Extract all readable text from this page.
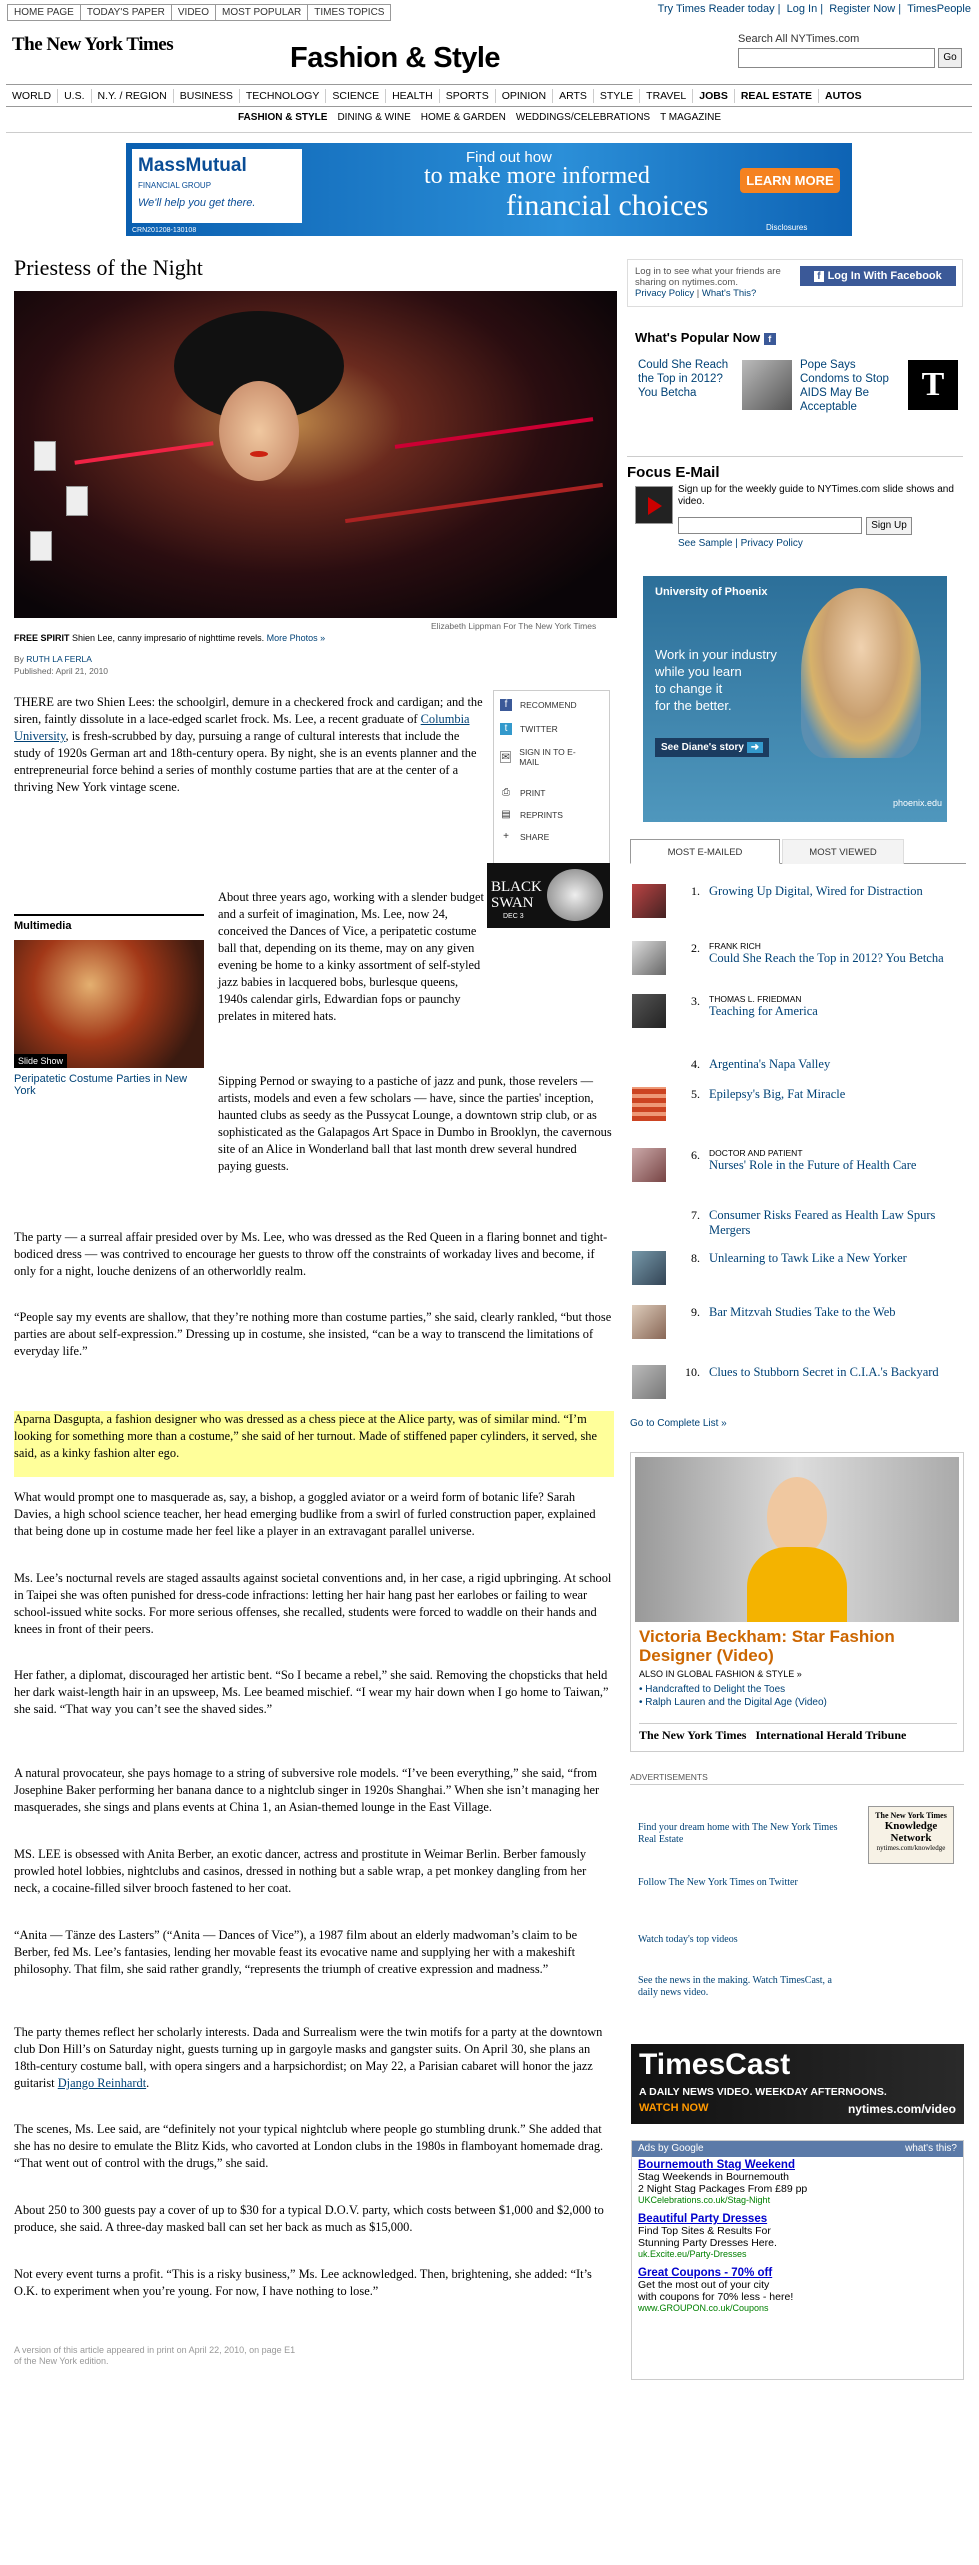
HOME PAGE	TODAY'S PAPER	VIDEO	MOST POPULAR	TIMES TOPICS	Try Times Reader today | Log In | Register Now | TimesPeople
The New York Times	Fashion & Style
Search All NYTimes.com
Go
WORLD	U.S.	N.Y. / REGION	BUSINESS	TECHNOLOGY	SCIENCE	HEALTH	SPORTS	OPINION	ARTS	STYLE	TRAVEL	JOBS	REAL ESTATE	AUTOS
FASHION & STYLE DINING & WINE HOME & GARDEN WEDDINGS/CELEBRATIONS T MAGAZINE
MassMutual
FINANCIAL GROUP
We'll help you get there.
CRN201208-130108
Find out how
to make more informed
financial choices
LEARN MORE
Disclosures
Priestess of the Night
Elizabeth Lippman For The New York Times
FREE SPIRIT Shien Lee, canny impresario of nighttime revels. More Photos »
By RUTH LA FERLA
Published: April 21, 2010
THERE are two Shien Lees: the schoolgirl, demure in a checkered frock and cardigan; and the siren, faintly dissolute in a lace-edged scarlet frock. Ms. Lee, a recent graduate of Columbia University, is fresh-scrubbed by day, pursuing a range of cultural interests that include the study of 1920s German art and 18th-century opera. By night, she is an events planner and the entrepreneurial force behind a series of monthly costume parties that are at the center of a thriving New York vintage scene.
f	RECOMMEND
t	TWITTER
✉ SIGN IN TO E-MAIL
⎙ PRINT
▤ REPRINTS
+	SHARE
BLACK SWAN
DEC 3
Multimedia
Slide Show
Peripatetic Costume Parties in New York
About three years ago, working with a slender budget and a surfeit of imagination, Ms. Lee, now 24, conceived the Dances of Vice, a peripatetic costume ball that, depending on its theme, may on any given evening be home to a kinky assortment of self-styled jazz babies in lacquered bobs, burlesque queens, 1940s calendar girls, Edwardian fops or paunchy prelates in mitered hats.
Sipping Pernod or swaying to a pastiche of jazz and punk, those revelers — artists, models and even a few scholars — have, since the parties' inception, haunted clubs as seedy as the Pussycat Lounge, a downtown strip club, or as sophisticated as the Galapagos Art Space in Dumbo in Brooklyn, the cavernous site of an Alice in Wonderland ball that last month drew several hundred paying guests.
The party — a surreal affair presided over by Ms. Lee, who was dressed as the Red Queen in a flaring bonnet and tight-bodiced dress — was contrived to encourage her guests to throw off the constraints of workaday lives and become, if only for a night, louche denizens of an otherworldly realm.
“People say my events are shallow, that they’re nothing more than costume parties,” she said, clearly rankled, “but those parties are about self-expression.” Dressing up in costume, she insisted, “can be a way to transcend the limitations of everyday life.”
Aparna Dasgupta, a fashion designer who was dressed as a chess piece at the Alice party, was of similar mind. “I’m looking for something more than a costume,” she said of her turnout. Made of stiffened paper cylinders, it served, she said, as a kinky fashion alter ego.
What would prompt one to masquerade as, say, a bishop, a goggled aviator or a weird form of botanic life? Sarah Davies, a high school science teacher, her head emerging budlike from a swirl of furled construction paper, explained that being done up in costume made her feel like a player in an extravagant parallel universe.
Ms. Lee’s nocturnal revels are staged assaults against societal conventions and, in her case, a rigid upbringing. At school in Taipei she was often punished for dress-code infractions: letting her hair hang past her earlobes or failing to wear school-issued white socks. For more serious offenses, she recalled, students were forced to waddle on their hands and knees in front of their peers.
Her father, a diplomat, discouraged her artistic bent. “So I became a rebel,” she said. Removing the chopsticks that held her dark waist-length hair in an upsweep, Ms. Lee beamed mischief. “I wear my hair down when I go home to Taiwan,” she said. “That way you can’t see the shaved sides.”
A natural provocateur, she pays homage to a string of subversive role models. “I’ve been everything,” she said, “from Josephine Baker performing her banana dance to a nightclub singer in 1920s Shanghai.” When she isn’t managing her masquerades, she sings and plans events at China 1, an Asian-themed lounge in the East Village.
MS. LEE is obsessed with Anita Berber, an exotic dancer, actress and prostitute in Weimar Berlin. Berber famously prowled hotel lobbies, nightclubs and casinos, dressed in nothing but a sable wrap, a pet monkey dangling from her neck, a cocaine-filled silver brooch fastened to her coat.
“Anita — Tänze des Lasters” (“Anita — Dances of Vice”), a 1987 film about an elderly madwoman’s claim to be Berber, fed Ms. Lee’s fantasies, lending her movable feast its evocative name and supplying her with a makeshift philosophy. That film, she said rather grandly, “represents the triumph of creative expression and madness.”
The party themes reflect her scholarly interests. Dada and Surrealism were the twin motifs for a party at the downtown club Don Hill’s on Saturday night, guests turning up in gargoyle masks and gangster suits. On April 30, she plans an 18th-century costume ball, with opera singers and a harpsichordist; on May 22, a Parisian cabaret will honor the jazz guitarist Django Reinhardt.
The scenes, Ms. Lee said, are “definitely not your typical nightclub where people go stumbling drunk.” She added that she has no desire to emulate the Blitz Kids, who cavorted at London clubs in the 1980s in flamboyant homemade drag. “That went out of control with the drugs,” she said.
About 250 to 300 guests pay a cover of up to $30 for a typical D.O.V. party, which costs between $1,000 and $2,000 to produce, she said. A three-day masked ball can set her back as much as $15,000.
Not every event turns a profit. “This is a risky business,” Ms. Lee acknowledged. Then, brightening, she added: “It’s O.K. to experiment when you’re young. For now, I have nothing to lose.”
A version of this article appeared in print on April 22, 2010, on page E1
of the New York edition.
Log in to see what your friends are sharing on nytimes.com.
Privacy Policy | What's This?
f Log In With Facebook
What's Popular Now f
Could She Reach the Top in 2012? You Betcha
Pope Says Condoms to Stop AIDS May Be Acceptable
T
Focus E-Mail
Sign up for the weekly guide to NYTimes.com slide shows and video.
Sign Up
See Sample | Privacy Policy
University of Phoenix
Work in your industry
while you learn
to change it
for the better.
See Diane's story ➜
phoenix.edu
MOST E-MAILED	MOST VIEWED
1. Growing Up Digital, Wired for Distraction
2. FRANK RICH
Could She Reach the Top in 2012? You Betcha
3. THOMAS L. FRIEDMAN
Teaching for America
4. Argentina's Napa Valley
5. Epilepsy's Big, Fat Miracle
6. DOCTOR AND PATIENT
Nurses' Role in the Future of Health Care
7. Consumer Risks Feared as Health Law Spurs Mergers
8. Unlearning to Tawk Like a New Yorker
9. Bar Mitzvah Studies Take to the Web
10. Clues to Stubborn Secret in C.I.A.'s Backyard
Go to Complete List »
Victoria Beckham: Star Fashion Designer (Video)
ALSO IN GLOBAL FASHION & STYLE »
• Handcrafted to Delight the Toes
• Ralph Lauren and the Digital Age (Video)
The New York Times International Herald Tribune
ADVERTISEMENTS
Find your dream home with The New York Times Real Estate
The New York Times
Knowledge Network
nytimes.com/knowledge
Follow The New York Times on Twitter
Watch today's top videos
See the news in the making. Watch TimesCast, a daily news video.
TimesCast
A DAILY NEWS VIDEO. WEEKDAY AFTERNOONS.
WATCH NOW	nytimes.com/video
Ads by Google	what's this?
Bournemouth Stag Weekend
Stag Weekends in Bournemouth
2 Night Stag Packages From £89 pp
UKCelebrations.co.uk/Stag-Night
Beautiful Party Dresses
Find Top Sites & Results For
Stunning Party Dresses Here.
uk.Excite.eu/Party-Dresses
Great Coupons - 70% off
Get the most out of your city
with coupons for 70% less - here!
www.GROUPON.co.uk/Coupons
